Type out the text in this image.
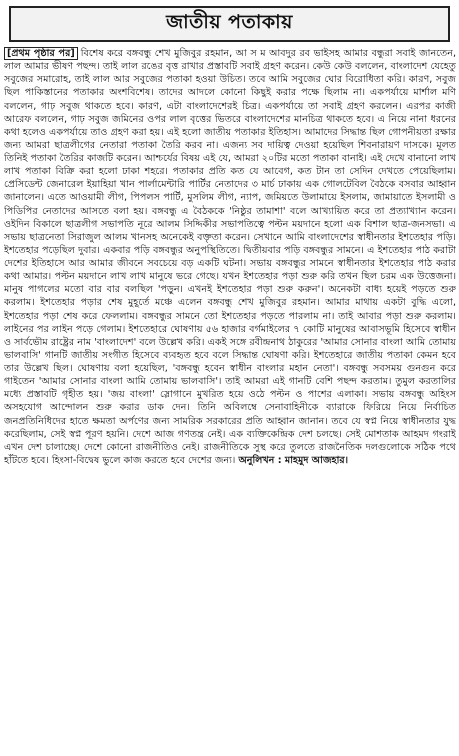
জাতীয় পতাকায়

[প্রথম পৃষ্ঠার পর] বিশেষ করে বঙ্গবন্ধু শেখ মুজিবুর রহমান, আ স ম আবদুর রব ভাইসহ আমার বন্ধুরা সবাই জানতেন, লাল আমার ভীষণ পছন্দ। তাই লাল রঙের বৃত্ত রাখার প্রস্তাবটি সবাই গ্রহণ করেন। কেউ কেউ বললেন, বাংলাদেশ যেহেতু সবুজের সমারোহ, তাই লাল আর সবুজের পতাকা হওয়া উচিত। তবে আমি সবুজের ঘোর বিরোধিতা করি। কারণ, সবুজ ছিল পাকিস্তানের পতাকার অংশবিশেষ। তাদের আদলে কোনো কিছুই করার পক্ষে ছিলাম না। একপর্যায়ে মার্শাল মণি বললেন, গাঢ় সবুজ থাকতে হবে। কারণ, এটা বাংলাদেশেরই চিত্র। একপর্যায়ে তা সবাই গ্রহণ করলেন। এরপর কাজী আরেফ বললেন, গাঢ় সবুজ জমিনের ওপর লাল বৃত্তের ভিতরে বাংলাদেশের মানচিত্র থাকতে হবে। এ নিয়ে নানা ধরনের কথা হলেও একপর্যায়ে তাও গ্রহণ করা হয়। এই হলো জাতীয় পতাকার ইতিহাস। আমাদের সিদ্ধান্ত ছিল গোপনীয়তা রক্ষার জন্য আমরা ছাত্রলীগের নেতারা পতাকা তৈরি করব না। এজন্য সব দায়িত্ব দেওয়া হয়েছিল শিবনারায়ণ দাসকে। মূলত তিনিই পতাকা তৈরির কাজটি করেন। আশ্চর্যের বিষয় এই যে, আমরা ২০টির মতো পতাকা বানাই। এই দেখে বানানো লাখ লাখ পতাকা বিক্রি করা হলো ঢাকা শহরে। পতাকার প্রতি কত যে আবেগ, কত টান তা সেদিন দেখতে পেয়েছিলাম। প্রেসিডেন্ট জেনারেল ইয়াহিয়া খান পার্লামেন্টারি পার্টির নেতাদের ৩ মার্চ ঢাকায় এক গোলটেবিল বৈঠকে বসবার আহ্বান জানালেন। এতে আওয়ামী লীগ, পিপলস পার্টি, মুসলিম লীগ, ন্যাপ, জমিয়তে উলামায়ে ইসলাম, জামায়াতে ইসলামী ও পিডিপির নেতাদের আসতে বলা হয়। বঙ্গবন্ধু এ বৈঠককে 'নিষ্ঠুর তামাশা' বলে আখ্যায়িত করে তা প্রত্যাখ্যান করেন। ওইদিন বিকালে ছাত্রলীগ সভাপতি নূরে আলম সিদ্দিকীর সভাপতিত্বে পল্টন ময়দানে হলো এক বিশাল ছাত্র-জনসভা। এ সভায় ছাত্রনেতা সিরাজুল আলম খানসহ অনেকেই বক্তৃতা করেন। সেখানে আমি বাংলাদেশের স্বাধীনতার ইশতেহার পড়ি। ইশতেহার পড়েছিল দুবার। একবার পড়ি বঙ্গবন্ধুর অনুপস্থিতিতে। দ্বিতীয়বার পড়ি বঙ্গবন্ধুর সামনে। এ ইশতেহার পাঠ করাটা দেশের ইতিহাসে আর আমার জীবনে সবচেয়ে বড় একটি ঘটনা। সভায় বঙ্গবন্ধুর সামনে স্বাধীনতার ইশতেহার পাঠ করার কথা আমার। পল্টন ময়দানে লাখ লাখ মানুষে ভরে গেছে। যখন ইশতেহার পড়া শুরু করি তখন ছিল চরম এক উত্তেজনা। মানুষ পাগলের মতো বার বার বলছিল 'পড়ুন। এখনই ইশতেহার পড়া শুরু করুন'। অনেকটা বাধ্য হয়েই পড়তে শুরু করলাম। ইশতেহার পড়ার শেষ মুহূর্তে মঞ্চে এলেন বঙ্গবন্ধু শেখ মুজিবুর রহমান। আমার মাথায় একটা বুদ্ধি এলো, ইশতেহার পড়া শেষ করে ফেললাম। বঙ্গবন্ধুর সামনে তো ইশতেহার পড়তে পারলাম না। তাই আবার পড়া শুরু করলাম। লাইনের পর লাইন পড়ে গেলাম। ইশতেহারে ঘোষণায় ৫৬ হাজার বর্গমাইলের ৭ কোটি মানুষের আবাসভূমি হিসেবে স্বাধীন ও সার্বভৌম রাষ্ট্রের নাম 'বাংলাদেশ' বলে উল্লেখ করি। একই সঙ্গে রবীন্দ্রনাথ ঠাকুরের 'আমার সোনার বাংলা আমি তোমায় ভালবাসি' গানটি জাতীয় সংগীত হিসেবে ব্যবহৃত হবে বলে সিদ্ধান্ত ঘোষণা করি। ইশতেহারে জাতীয় পতাকা কেমন হবে তার উল্লেখ ছিল। ঘোষণায় বলা হয়েছিল, 'বঙ্গবন্ধু হবেন স্বাধীন বাংলার মহান নেতা'। বঙ্গবন্ধু সবসময় গুনগুন করে গাইতেন 'আমার সোনার বাংলা আমি তোমায় ভালবাসি'। তাই আমরা এই গানটি বেশি পছন্দ করতাম। তুমুল করতালির মধ্যে প্রস্তাবটি গৃহীত হয়। 'জয় বাংলা' স্লোগানে মুখরিত হয়ে ওঠে পল্টন ও পাশের এলাকা। সভায় বঙ্গবন্ধু অহিংস অসহযোগ আন্দোলন শুরু করার ডাক দেন। তিনি অবিলম্বে সেনাবাহিনীকে ব্যারাকে ফিরিয়ে নিয়ে নির্বাচিত জনপ্রতিনিধিদের হাতে ক্ষমতা অর্পণের জন্য সামরিক সরকারের প্রতি আহ্বান জানান। তবে যে স্বপ্ন নিয়ে স্বাধীনতার যুদ্ধ করেছিলাম, সেই স্বপ্ন পূরণ হয়নি। দেশে আজ গণতন্ত্র নেই। এক ব্যক্তিকেন্দ্রিক দেশ চলছে। সেই মোশতাক আহমদ গংরাই এখন দেশ চালাচ্ছে। দেশে কোনো রাজনীতিও নেই। রাজনীতিকে সুস্থ করে তুলতে রাজনৈতিক দলগুলোকে সঠিক পথে হাঁটতে হবে। হিংসা-বিদ্বেষ ভুলে কাজ করতে হবে দেশের জন্য। অনুলিখন : মাহমুদ আজহার।
